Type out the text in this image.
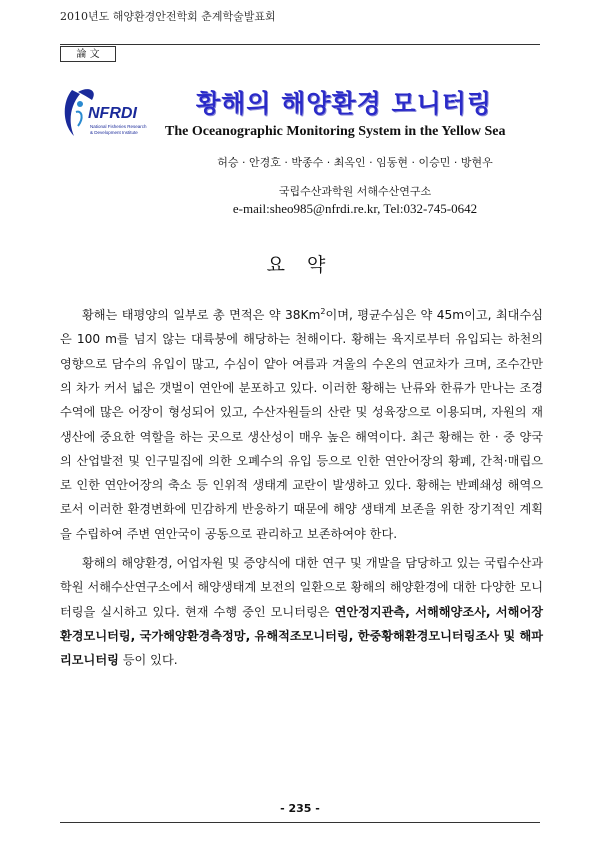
2010년도 해양환경안전학회 춘계학술발표회
論 文
NFRDI
National Fisheries Research
& Development Institute
황해의 해양환경 모니터링
The Oceanographic Monitoring System in the Yellow Sea
허승 · 안경호 · 박종수 · 최옥인 · 임동현 · 이승민 · 방현우
국립수산과학원 서해수산연구소
e-mail:sheo985@nfrdi.re.kr, Tel:032-745-0642
요 약

황해는 태평양의 일부로 총 면적은 약 38Km$^2$이며, 평균수심은 약 45m이고, 최대수심은 100 m를 넘지 않는 대륙붕에 해당하는 천해이다. 황해는 육지로부터 유입되는 하천의 영향으로 담수의 유입이 많고, 수심이 얕아 여름과 겨울의 수온의 연교차가 크며, 조수간만의 차가 커서 넓은 갯벌이 연안에 분포하고 있다. 이러한 황해는 난류와 한류가 만나는 조경수역에 많은 어장이 형성되어 있고, 수산자원들의 산란 및 성육장으로 이용되며, 자원의 재생산에 중요한 역할을 하는 곳으로 생산성이 매우 높은 해역이다. 최근 황해는 한 · 중 양국의 산업발전 및 인구밀집에 의한 오폐수의 유입 등으로 인한 연안어장의 황폐, 간척·매립으로 인한 연안어장의 축소 등 인위적 생태계 교란이 발생하고 있다. 황해는 반폐쇄성 해역으로서 이러한 환경변화에 민감하게 반응하기 때문에 해양 생태계 보존을 위한 장기적인 계획을 수립하여 주변 연안국이 공동으로 관리하고 보존하여야 한다.

황해의 해양환경, 어업자원 및 증양식에 대한 연구 및 개발을 담당하고 있는 국립수산과학원 서해수산연구소에서 해양생태계 보전의 일환으로 황해의 해양환경에 대한 다양한 모니터링을 실시하고 있다. 현재 수행 중인 모니터링은 연안정지관측, 서해해양조사, 서해어장환경모니터링, 국가해양환경측정망, 유해적조모니터링, 한중황해환경모니터링조사 및 해파리모니터링 등이 있다.

- 235 -
